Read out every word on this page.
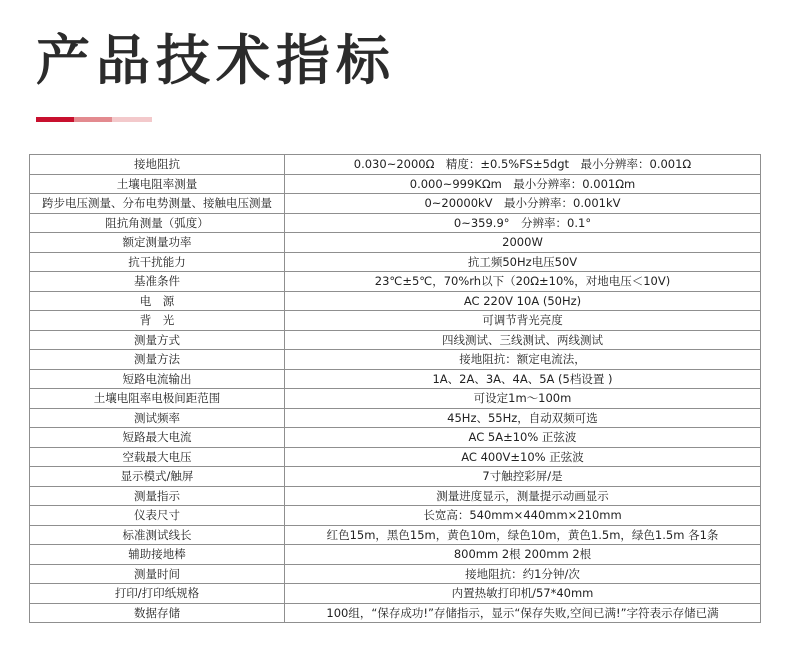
产品技术指标
接地阻抗	0.030~2000Ω　精度：±0.5%FS±5dgt　最小分辨率：0.001Ω
土壤电阻率测量	0.000~999KΩm　最小分辨率：0.001Ωm
跨步电压测量、分布电势测量、接触电压测量	0~20000kV　最小分辨率：0.001kV
阻抗角测量（弧度）	0~359.9°　分辨率：0.1°
额定测量功率	2000W
抗干扰能力	抗工频50Hz电压50V
基准条件	23℃±5℃，70%rh以下（20Ω±10%，对地电压＜10V)
电　源	AC 220V 10A (50Hz)
背　光	可调节背光亮度
测量方式	四线测试、三线测试、两线测试
测量方法	接地阻抗：额定电流法，
短路电流输出	1A、2A、3A、4A、5A (5档设置 )
土壤电阻率电极间距范围	可设定1m～100m
测试频率	45Hz、55Hz，自动双频可选
短路最大电流	AC 5A±10% 正弦波
空载最大电压	AC 400V±10% 正弦波
显示模式/触屏	7寸触控彩屏/是
测量指示	测量进度显示，测量提示动画显示
仪表尺寸	长宽高：540mm×440mm×210mm
标准测试线长	红色15m，黑色15m，黄色10m，绿色10m，黄色1.5m，绿色1.5m 各1条
辅助接地棒	800mm 2根 200mm 2根
测量时间	接地阻抗：约1分钟/次
打印/打印纸规格	内置热敏打印机/57*40mm
数据存储	100组，“保存成功!”存储指示，显示“保存失败,空间已满!”字符表示存储已满
